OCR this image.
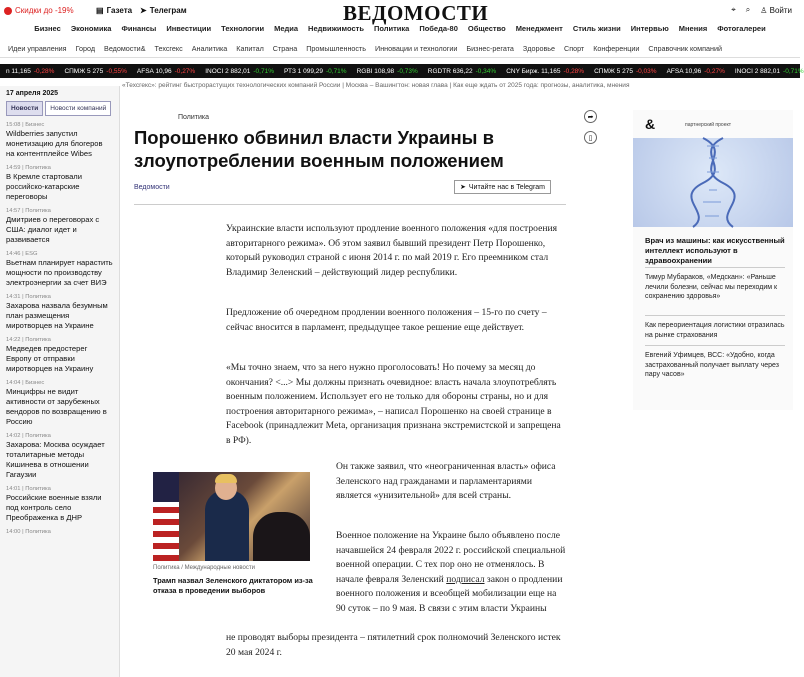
Скидки до -19%	▤ Газета ➤ Телеграм	ВЕДОМОСТИ	⌖ ⌕ ♙ Войти
Бизнес Экономика Финансы Инвестиции Технологии Медиа Недвижимость Политика Победа-80 Общество Менеджмент Стиль жизни Интервью Мнения Фотогалереи
Идеи управления Город Ведомости& Техсгекс Аналитика Капитал Страна Промышленность Инновации и технологии Бизнес-регата Здоровье Спорт Конференции Справочник компаний
n 11,165 -0,28% СПМЖ 5 275 -0,55% AFSA 10,96 -0,27% INOCI 2 882,01 -0,71% РТЗ 1 099,29 -0,71% RGBI 108,98 -0,73% RGDTR 636,22 -0,34% CNY Бирж. 11,165 -0,28% СПМЖ 5 275 -0,03% AFSA 10,96 -0,27% INOCI 2 882,01 -0,71%
«Техсгекс»: рейтинг быстрорастущих технологических компаний России | Москва – Вашингтон: новая глава | Как еще ждать от 2025 года: прогнозы, аналитика, мнения
17 апреля 2025
Новости	Новости компаний
15:08 | Бизнес
Wildberries запустил монетизацию для блогеров на контентплейсе Wibes
14:59 | Политика
В Кремле стартовали российско-катарские переговоры
14:57 | Политика
Дмитриев о переговорах с США: диалог идет и развивается
14:46 | ESG
Вьетнам планирует нарастить мощности по производству электроэнергии за счет ВИЭ
14:31 | Политика
Захарова назвала безумным план размещения миротворцев на Украине
14:22 | Политика
Медведев предостерег Европу от отправки миротворцев на Украину
14:04 | Бизнес
Минцифры не видит активности от зарубежных вендоров по возвращению в Россию
14:02 | Политика
Захарова: Москва осуждает тоталитарные методы Кишинева в отношении Гагаузии
14:01 | Политика
Российские военные взяли под контроль село Преображенка в ДНР
14:00 | Политика
Политика
Порошенко обвинил власти Украины в злоупотреблении военным положением
Ведомости	➤ Читайте нас в Telegram
Украинские власти используют продление военного положения «для построения авторитарного режима». Об этом заявил бывший президент Петр Порошенко, который руководил страной с июня 2014 г. по май 2019 г. Его преемником стал Владимир Зеленский – действующий лидер республики.
Предложение об очередном продлении военного положения – 15-го по счету – сейчас вносится в парламент, предыдущее такое решение еще действует.
«Мы точно знаем, что за него нужно проголосовать! Но почему за месяц до окончания? <...> Мы должны признать очевидное: власть начала злоупотреблять военным положением. Использует его не только для обороны страны, но и для построения авторитарного режима», – написал Порошенко на своей странице в Facebook (принадлежит Meta, организация признана экстремистской и запрещена в РФ).
Он также заявил, что «неограниченная власть» офиса Зеленского над гражданами и парламентариями является «унизительной» для всей страны.
Военное положение на Украине было объявлено после начавшейся 24 февраля 2022 г. российской специальной военной операции. С тех пор оно не отменялось. В начале февраля Зеленский подписал закон о продлении военного положения и всеобщей мобилизации еще на 90 суток – по 9 мая. В связи с этим власти Украины
не проводят выборы президента – пятилетний срок полномочий Зеленского истек 20 мая 2024 г.
Политика / Международные новости
Трамп назвал Зеленского диктатором из-за отказа в проведении выборов
➦
▯
&	партнерский проект
Врач из машины: как искусственный интеллект используют в здравоохранении
Тимур Мубараков, «Медскан»: «Раньше лечили болезни, сейчас мы переходим к сохранению здоровья»
Как переориентация логистики отразилась на рынке страхования
Евгений Уфимцев, ВСС: «Удобно, когда застрахованный получает выплату через пару часов»
